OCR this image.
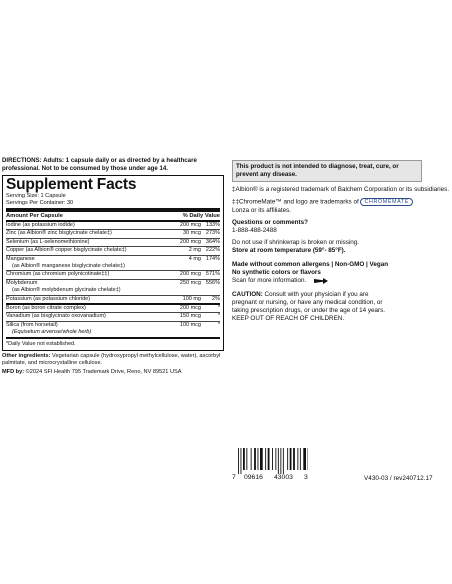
DIRECTIONS: Adults: 1 capsule daily or as directed by a healthcare professional. Not to be consumed by those under age 14.
Supplement Facts
Serving Size: 1 Capsule
Servings Per Container: 30
Amount Per Capsule	% Daily Value
Iodine (as potassium iodide)	200 mcg 133%
Zinc (as Albion® zinc bisglycinate chelate‡)	30 mcg 273%
Selenium (as L-selenomethionine)	200 mcg 364%
Copper (as Albion® copper bisglycinate chelate‡)	2 mg 222%
Manganese	4 mg 174%
(as Albion® manganese bisglycinate chelate‡)
Chromium (as chromium polynicotinate‡‡)	200 mcg 571%
Molybdenum	250 mcg 556%
(as Albion® molybdenum glycinate chelate‡)
Potassium (as potassium chloride)	100 mg	2%
Boron (as boron citrate complex)	200 mcg	*
Vanadium (as bisglycinato oxovanadium)	150 mcg	*
Silica (from horsetail)	100 mcg	*
(Equisetum arvense/whole herb)
*Daily Value not established.
Other ingredients: Vegetarian capsule (hydroxypropyl methylcellulose, water), ascorbyl palmitate, and microcrystalline cellulose.
MFD by: ©2024 SFI Health 795 Trademark Drive, Reno, NV 89521 USA
This product is not intended to diagnose, treat, cure, or prevent any disease.
‡Albion® is a registered trademark of Balchem Corporation or its subsidiaries.
‡‡ChromeMate™ and logo are trademarks of CHROMEMATE
Lonza or its affiliates.
Questions or comments?
1-888-488-2488
Do not use if shrinkwrap is broken or missing.
Store at room temperature (59°- 85°F).
Made without common allergens | Non-GMO | Vegan
No synthetic colors or flavors
Scan for more information.
CAUTION: Consult with your physician if you are pregnant or nursing, or have any medical condition, or taking prescription drugs, or under the age of 14 years.
KEEP OUT OF REACH OF CHILDREN.
7 09616 43003 3	V430-03 / rev240712.17
